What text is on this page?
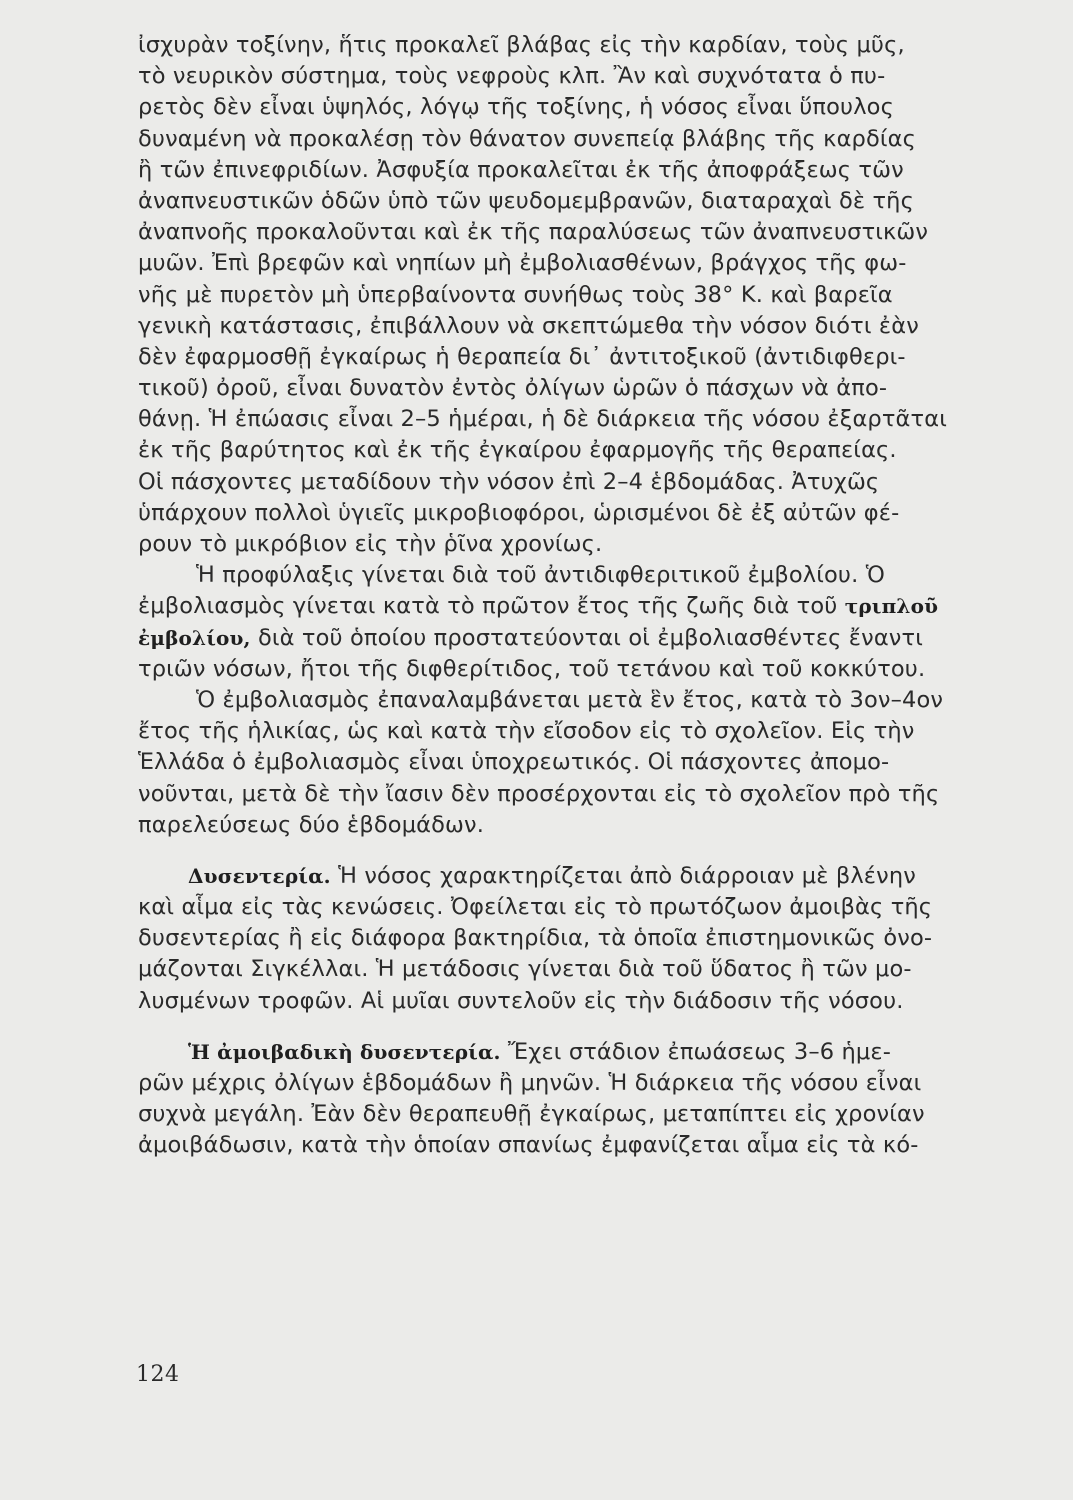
ἰσχυρὰν τοξίνην, ἥτις προκαλεῖ βλάβας εἰς τὴν καρδίαν, τοὺς μῦς,
τὸ νευρικὸν σύστημα, τοὺς νεφροὺς κλπ. Ἂν καὶ συχνότατα ὁ πυ-
ρετὸς δὲν εἶναι ὑψηλός, λόγῳ τῆς τοξίνης, ἡ νόσος εἶναι ὕπουλος
δυναμένη νὰ προκαλέσῃ τὸν θάνατον συνεπείᾳ βλάβης τῆς καρδίας
ἢ τῶν ἐπινεφριδίων. Ἀσφυξία προκαλεῖται ἐκ τῆς ἀποφράξεως τῶν
ἀναπνευστικῶν ὁδῶν ὑπὸ τῶν ψευδομεμβρανῶν, διαταραχαὶ δὲ τῆς
ἀναπνοῆς προκαλοῦνται καὶ ἐκ τῆς παραλύσεως τῶν ἀναπνευστικῶν
μυῶν. Ἐπὶ βρεφῶν καὶ νηπίων μὴ ἐμβολιασθένων, βράγχος τῆς φω-
νῆς μὲ πυρετὸν μὴ ὑπερβαίνοντα συνήθως τοὺς 38° Κ. καὶ βαρεῖα
γενικὴ κατάστασις, ἐπιβάλλουν νὰ σκεπτώμεθα τὴν νόσον διότι ἐὰν
δὲν ἐφαρμοσθῇ ἐγκαίρως ἡ θεραπεία δι᾽ ἀντιτοξικοῦ (ἀντιδιφθερι-
τικοῦ) ὀροῦ, εἶναι δυνατὸν ἐντὸς ὀλίγων ὡρῶν ὁ πάσχων νὰ ἀπο-
θάνῃ. Ἡ ἐπώασις εἶναι 2–5 ἡμέραι, ἡ δὲ διάρκεια τῆς νόσου ἐξαρτᾶται
ἐκ τῆς βαρύτητος καὶ ἐκ τῆς ἐγκαίρου ἐφαρμογῆς τῆς θεραπείας.
Οἱ πάσχοντες μεταδίδουν τὴν νόσον ἐπὶ 2–4 ἑβδομάδας. Ἀτυχῶς
ὑπάρχουν πολλοὶ ὑγιεῖς μικροβιοφόροι, ὡρισμένοι δὲ ἐξ αὐτῶν φέ-
ρουν τὸ μικρόβιον εἰς τὴν ῥῖνα χρονίως.
Ἡ προφύλαξις γίνεται διὰ τοῦ ἀντιδιφθεριτικοῦ ἐμβολίου. Ὁ
ἐμβολιασμὸς γίνεται κατὰ τὸ πρῶτον ἔτος τῆς ζωῆς διὰ τοῦ τριπλοῦ
ἐμβολίου, διὰ τοῦ ὁποίου προστατεύονται οἱ ἐμβολιασθέντες ἔναντι
τριῶν νόσων, ἤτοι τῆς διφθερίτιδος, τοῦ τετάνου καὶ τοῦ κοκκύτου.
Ὁ ἐμβολιασμὸς ἐπαναλαμβάνεται μετὰ ἓν ἔτος, κατὰ τὸ 3ον–4ον
ἔτος τῆς ἡλικίας, ὡς καὶ κατὰ τὴν εἴσοδον εἰς τὸ σχολεῖον. Εἰς τὴν
Ἑλλάδα ὁ ἐμβολιασμὸς εἶναι ὑποχρεωτικός. Οἱ πάσχοντες ἀπομο-
νοῦνται, μετὰ δὲ τὴν ἴασιν δὲν προσέρχονται εἰς τὸ σχολεῖον πρὸ τῆς
παρελεύσεως δύο ἑβδομάδων.
Δυσεντερία. Ἡ νόσος χαρακτηρίζεται ἀπὸ διάρροιαν μὲ βλένην
καὶ αἷμα εἰς τὰς κενώσεις. Ὀφείλεται εἰς τὸ πρωτόζωον ἀμοιβὰς τῆς
δυσεντερίας ἢ εἰς διάφορα βακτηρίδια, τὰ ὁποῖα ἐπιστημονικῶς ὀνο-
μάζονται Σιγκέλλαι. Ἡ μετάδοσις γίνεται διὰ τοῦ ὕδατος ἢ τῶν μο-
λυσμένων τροφῶν. Αἱ μυῖαι συντελοῦν εἰς τὴν διάδοσιν τῆς νόσου.
Ἡ ἀμοιβαδικὴ δυσεντερία. Ἔχει στάδιον ἐπωάσεως 3–6 ἡμε-
ρῶν μέχρις ὀλίγων ἑβδομάδων ἢ μηνῶν. Ἡ διάρκεια τῆς νόσου εἶναι
συχνὰ μεγάλη. Ἐὰν δὲν θεραπευθῇ ἐγκαίρως, μεταπίπτει εἰς χρονίαν
ἀμοιβάδωσιν, κατὰ τὴν ὁποίαν σπανίως ἐμφανίζεται αἷμα εἰς τὰ κό-
124
